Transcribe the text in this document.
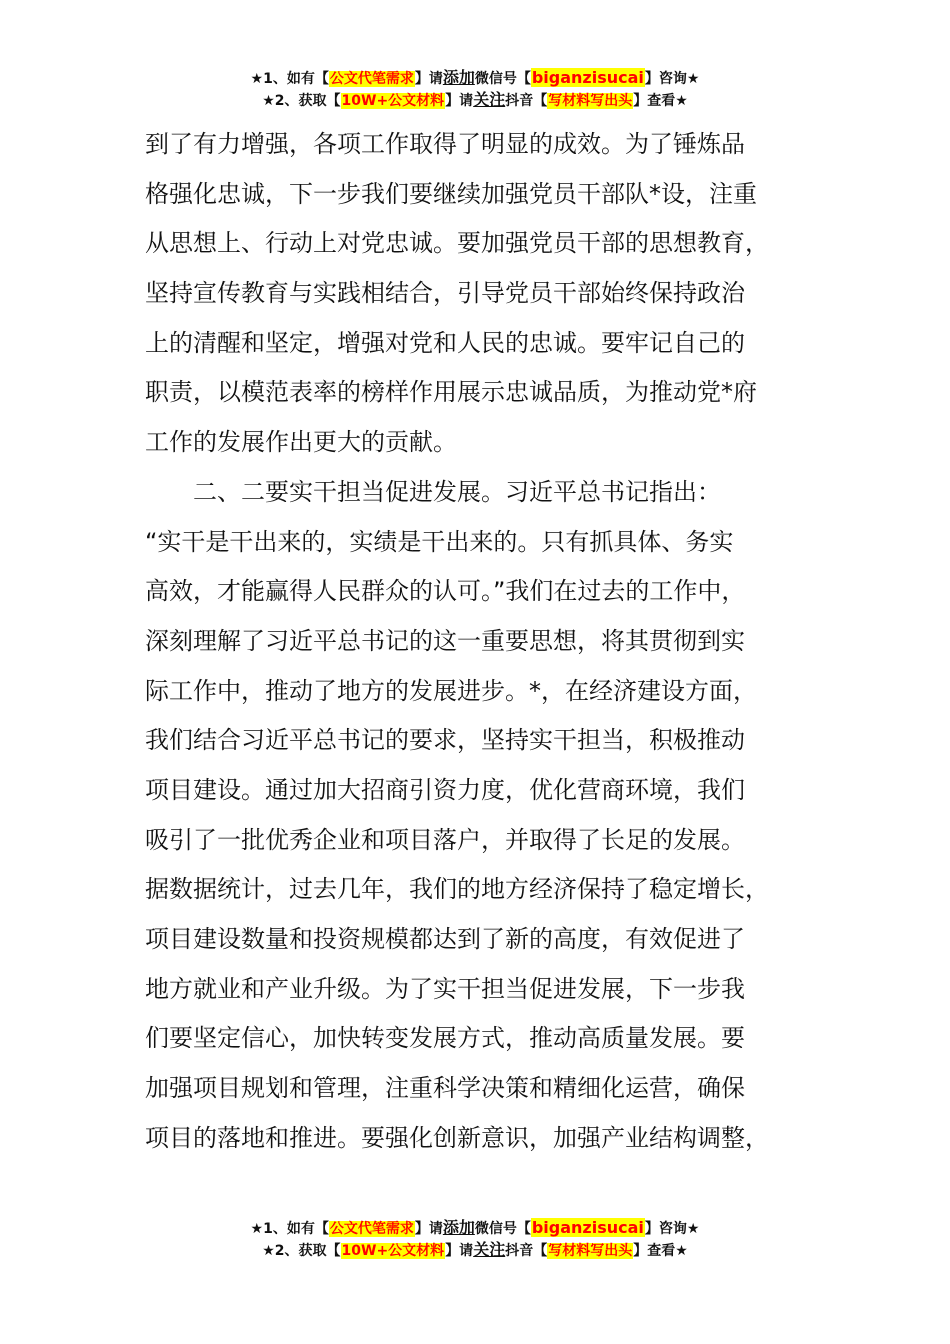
★1、如有【公文代笔需求】请添加微信号【biganzisucai】咨询★
★2、获取【10W+公文材料】请关注抖音【写材料写出头】查看★
到了有力增强，各项工作取得了明显的成效。为了锤炼品
格强化忠诚，下一步我们要继续加强党员干部队*设，注重
从思想上、行动上对党忠诚。要加强党员干部的思想教育，
坚持宣传教育与实践相结合，引导党员干部始终保持政治
上的清醒和坚定，增强对党和人民的忠诚。要牢记自己的
职责，以模范表率的榜样作用展示忠诚品质，为推动党*府
工作的发展作出更大的贡献。
二、二要实干担当促进发展。习近平总书记指出：
“实干是干出来的，实绩是干出来的。只有抓具体、务实
高效，才能赢得人民群众的认可。”我们在过去的工作中，
深刻理解了习近平总书记的这一重要思想，将其贯彻到实
际工作中，推动了地方的发展进步。*，在经济建设方面，
我们结合习近平总书记的要求，坚持实干担当，积极推动
项目建设。通过加大招商引资力度，优化营商环境，我们
吸引了一批优秀企业和项目落户，并取得了长足的发展。
据数据统计，过去几年，我们的地方经济保持了稳定增长，
项目建设数量和投资规模都达到了新的高度，有效促进了
地方就业和产业升级。为了实干担当促进发展，下一步我
们要坚定信心，加快转变发展方式，推动高质量发展。要
加强项目规划和管理，注重科学决策和精细化运营，确保
项目的落地和推进。要强化创新意识，加强产业结构调整，
★1、如有【公文代笔需求】请添加微信号【biganzisucai】咨询★
★2、获取【10W+公文材料】请关注抖音【写材料写出头】查看★
